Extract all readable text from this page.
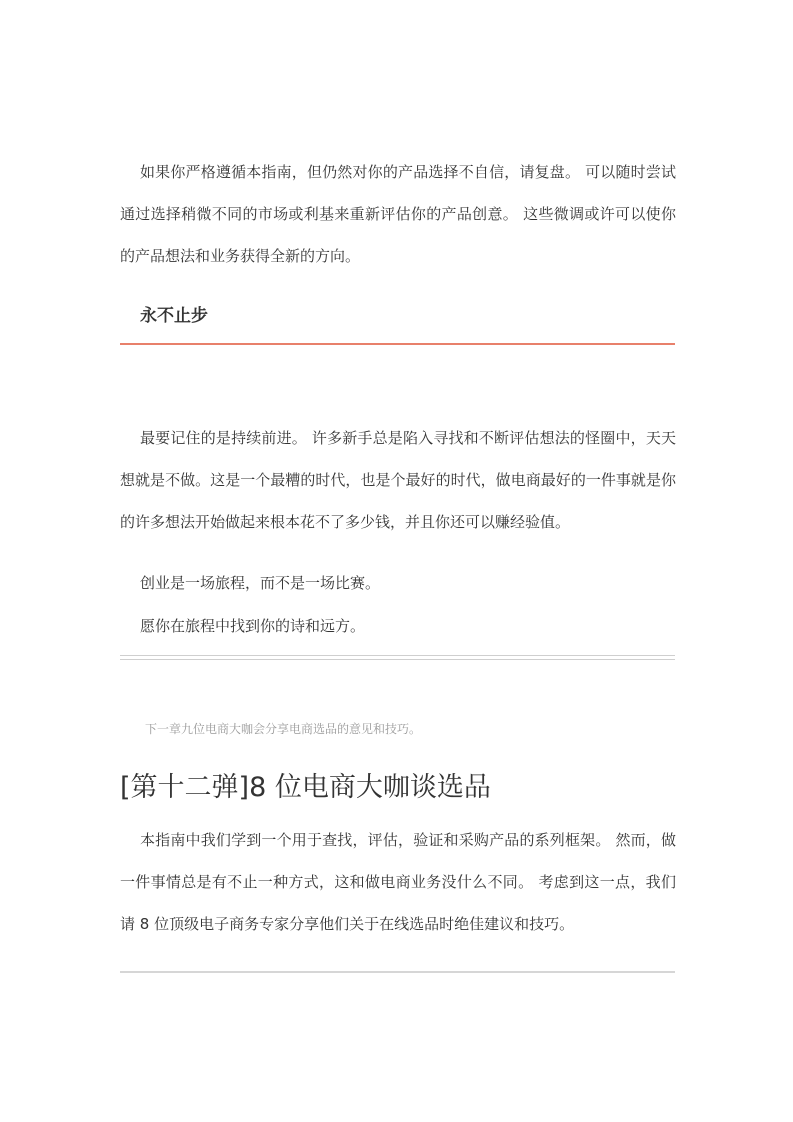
如果你严格遵循本指南，但仍然对你的产品选择不自信，请复盘。 可以随时尝试通过选择稍微不同的市场或利基来重新评估你的产品创意。 这些微调或许可以使你的产品想法和业务获得全新的方向。

永不止步

最要记住的是持续前进。 许多新手总是陷入寻找和不断评估想法的怪圈中，天天想就是不做。这是一个最糟的时代，也是个最好的时代，做电商最好的一件事就是你的许多想法开始做起来根本花不了多少钱，并且你还可以赚经验值。

创业是一场旅程，而不是一场比赛。

愿你在旅程中找到你的诗和远方。

下一章九位电商大咖会分享电商选品的意见和技巧。

[第十二弹]8 位电商大咖谈选品

本指南中我们学到一个用于查找，评估，验证和采购产品的系列框架。 然而，做一件事情总是有不止一种方式，这和做电商业务没什么不同。 考虑到这一点，我们请 8 位顶级电子商务专家分享他们关于在线选品时绝佳建议和技巧。
